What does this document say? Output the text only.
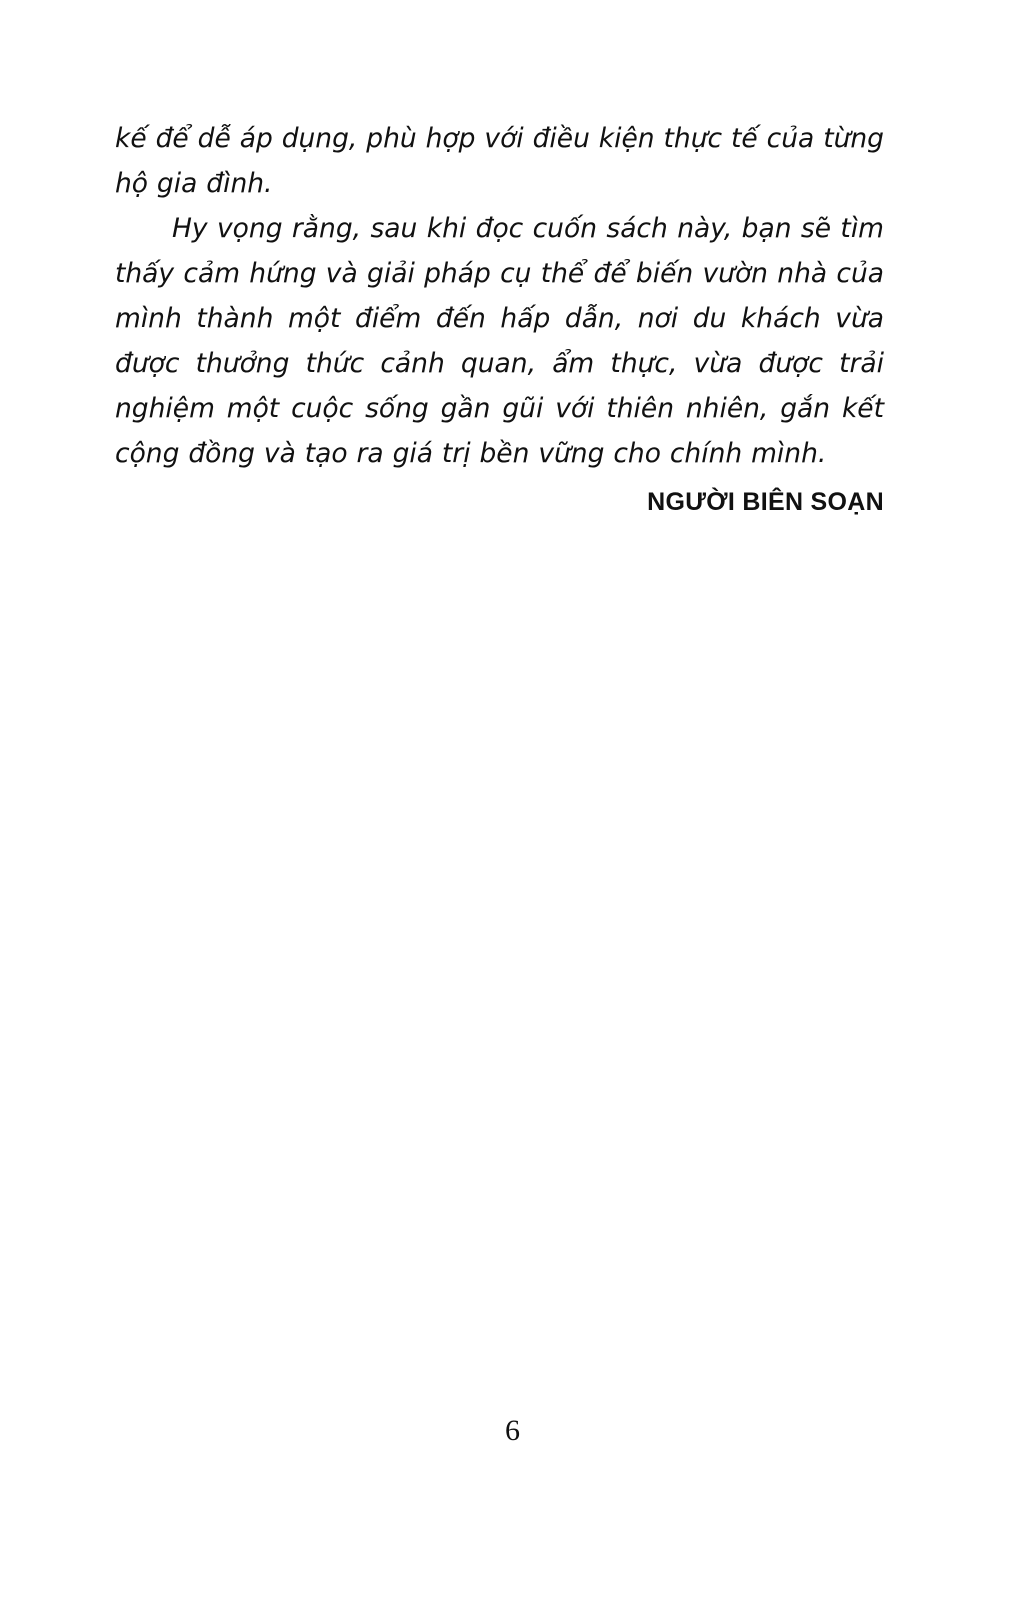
kế để dễ áp dụng, phù hợp với điều kiện thực tế của từng hộ gia đình.

Hy vọng rằng, sau khi đọc cuốn sách này, bạn sẽ tìm thấy cảm hứng và giải pháp cụ thể để biến vườn nhà của mình thành một điểm đến hấp dẫn, nơi du khách vừa được thưởng thức cảnh quan, ẩm thực, vừa được trải nghiệm một cuộc sống gần gũi với thiên nhiên, gắn kết cộng đồng và tạo ra giá trị bền vững cho chính mình.

NGƯỜI BIÊN SOẠN

6
